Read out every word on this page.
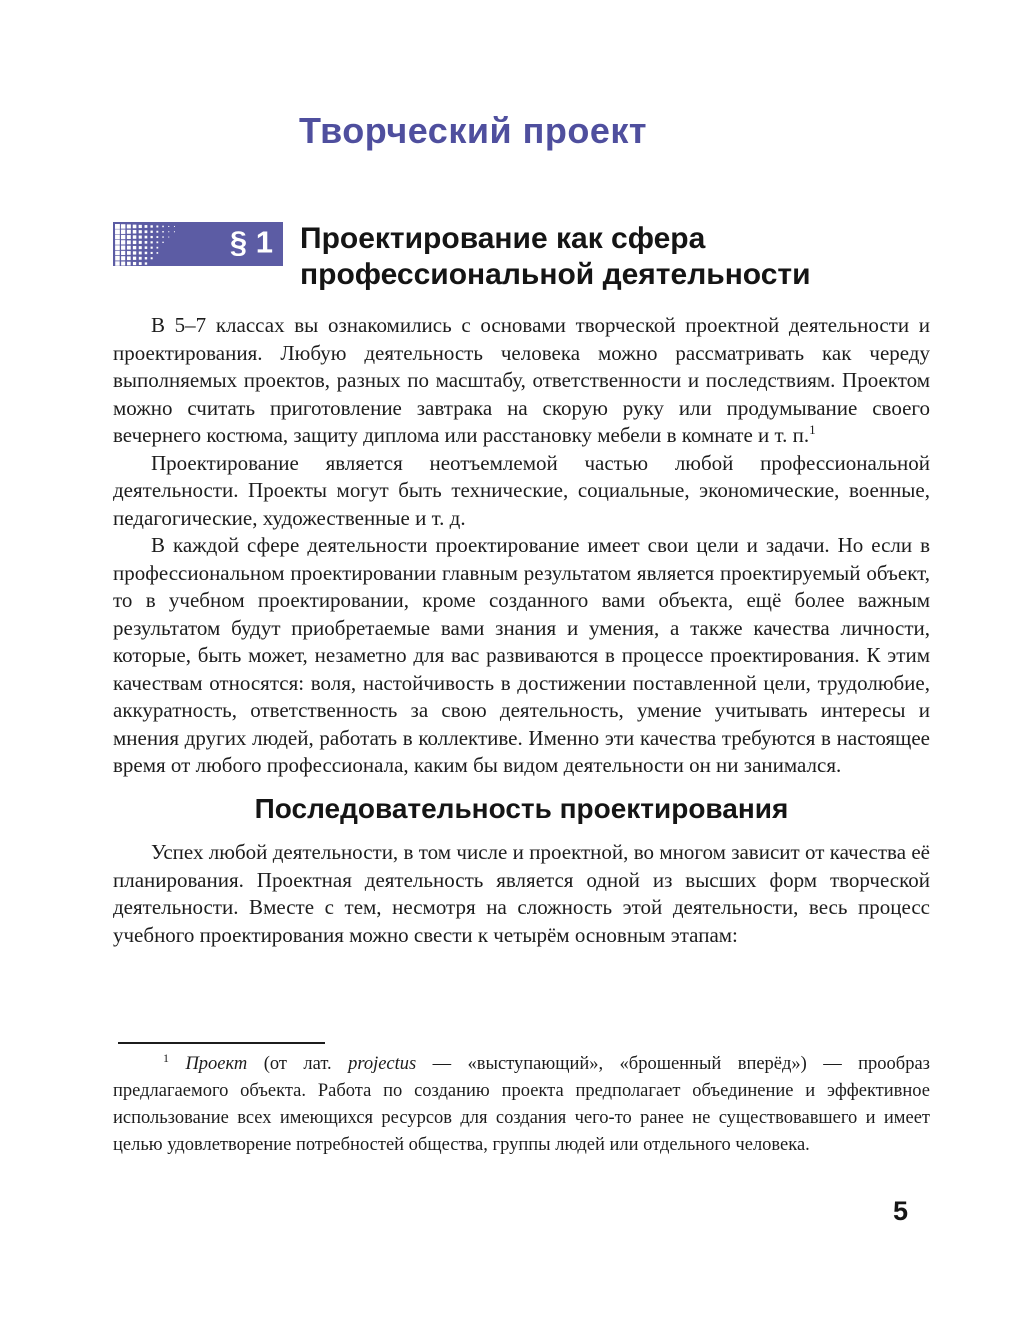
Творческий проект
§ 1 Проектирование как сфера профессиональной деятельности

В 5–7 классах вы ознакомились с основами творческой проектной деятельности и проектирования. Любую деятельность человека можно рассматривать как череду выполняемых проектов, разных по масштабу, ответственности и последствиям. Проектом можно считать приготовление завтрака на скорую руку или продумывание своего вечернего костюма, защиту диплома или расстановку мебели в комнате и т. п.$^1$

Проектирование является неотъемлемой частью любой профессиональной деятельности. Проекты могут быть технические, социальные, экономические, военные, педагогические, художественные и т. д.

В каждой сфере деятельности проектирование имеет свои цели и задачи. Но если в профессиональном проектировании главным результатом является проектируемый объект, то в учебном проектировании, кроме созданного вами объекта, ещё более важным результатом будут приобретаемые вами знания и умения, а также качества личности, которые, быть может, незаметно для вас развиваются в процессе проектирования. К этим качествам относятся: воля, настойчивость в достижении поставленной цели, трудолюбие, аккуратность, ответственность за свою деятельность, умение учитывать интересы и мнения других людей, работать в коллективе. Именно эти качества требуются в настоящее время от любого профессионала, каким бы видом деятельности он ни занимался.

Последовательность проектирования

Успех любой деятельности, в том числе и проектной, во многом зависит от качества её планирования. Проектная деятельность является одной из высших форм творческой деятельности. Вместе с тем, несмотря на сложность этой деятельности, весь процесс учебного проектирования можно свести к четырём основным этапам:

$^1$ Проект (от лат. projectus — «выступающий», «брошенный вперёд») — прообраз предлагаемого объекта. Работа по созданию проекта предполагает объединение и эффективное использование всех имеющихся ресурсов для создания чего-то ранее не существовавшего и имеет целью удовлетворение потребностей общества, группы людей или отдельного человека.
5
